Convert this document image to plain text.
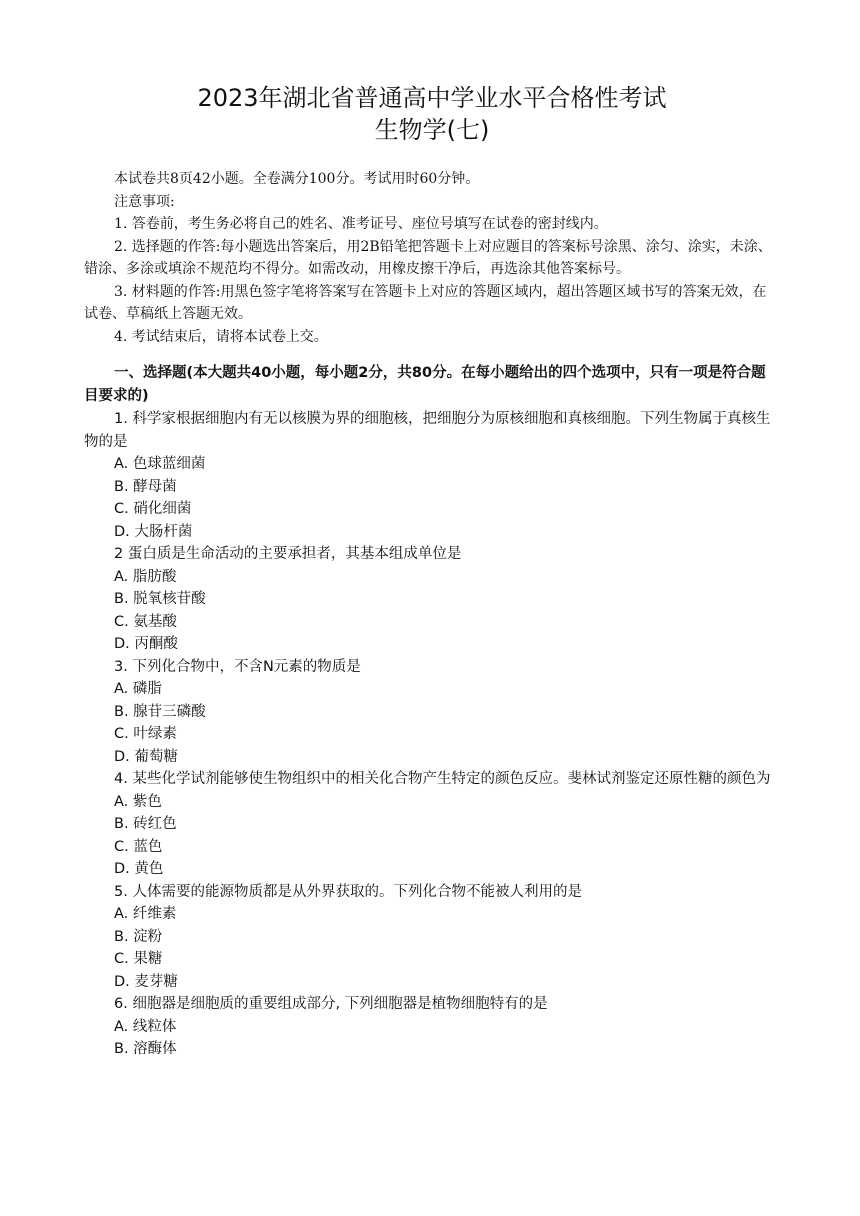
2023年湖北省普通高中学业水平合格性考试
生物学(七)

本试卷共8页42小题。全卷满分100分。考试用时60分钟。

注意事项:

1. 答卷前，考生务必将自己的姓名、准考证号、座位号填写在试卷的密封线内。

2. 选择题的作答:每小题选出答案后，用2B铅笔把答题卡上对应题目的答案标号涂黑、涂匀、涂实，未涂、错涂、多涂或填涂不规范均不得分。如需改动，用橡皮擦干净后，再选涂其他答案标号。

3. 材料题的作答:用黑色签字笔将答案写在答题卡上对应的答题区域内，超出答题区域书写的答案无效，在试卷、草稿纸上答题无效。

4. 考试结束后，请将本试卷上交。

一、选择题(本大题共40小题，每小题2分，共80分。在每小题给出的四个选项中，只有一项是符合题目要求的)

1. 科学家根据细胞内有无以核膜为界的细胞核，把细胞分为原核细胞和真核细胞。下列生物属于真核生物的是

A. 色球蓝细菌

B. 酵母菌

C. 硝化细菌

D. 大肠杆菌

2 蛋白质是生命活动的主要承担者，其基本组成单位是

A. 脂肪酸

B. 脱氧核苷酸

C. 氨基酸

D. 丙酮酸

3. 下列化合物中，不含N元素的物质是

A. 磷脂

B. 腺苷三磷酸

C. 叶绿素

D. 葡萄糖

4. 某些化学试剂能够使生物组织中的相关化合物产生特定的颜色反应。斐林试剂鉴定还原性糖的颜色为

A. 紫色

B. 砖红色

C. 蓝色

D. 黄色

5. 人体需要的能源物质都是从外界获取的。下列化合物不能被人利用的是

A. 纤维素

B. 淀粉

C. 果糖

D. 麦芽糖

6. 细胞器是细胞质的重要组成部分, 下列细胞器是植物细胞特有的是

A. 线粒体

B. 溶酶体
